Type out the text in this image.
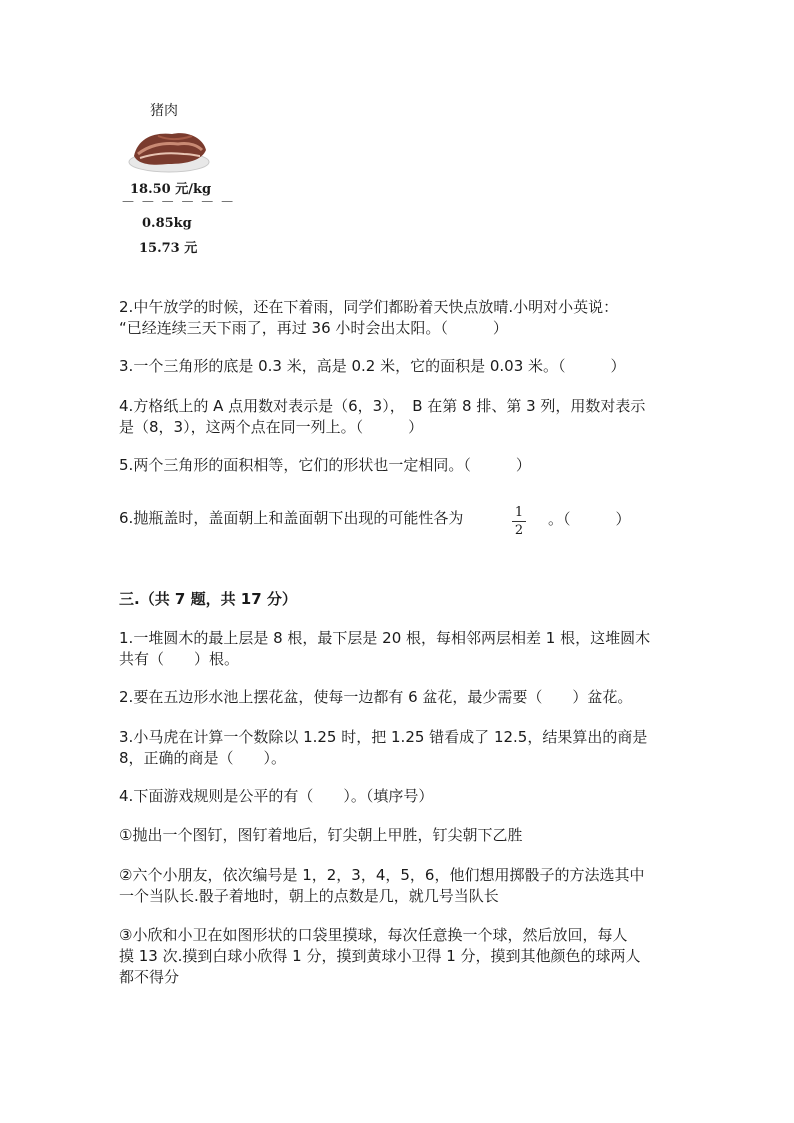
猪肉
18.50 元/kg
— — — — — —
0.85kg
15.73 元
2.中午放学的时候，还在下着雨，同学们都盼着天快点放晴.小明对小英说：
“已经连续三天下雨了，再过 36 小时会出太阳。（　　　）
3.一个三角形的底是 0.3 米，高是 0.2 米，它的面积是 0.03 米。（　　　）
4.方格纸上的 A 点用数对表示是（6，3），　B 在第 8 排、第 3 列，用数对表示
是（8，3），这两个点在同一列上。（　　　）
5.两个三角形的面积相等，它们的形状也一定相同。（　　　）
6.抛瓶盖时，盖面朝上和盖面朝下出现的可能性各为	1
2
。（　　　）
三.（共 7 题，共 17 分）
1.一堆圆木的最上层是 8 根，最下层是 20 根，每相邻两层相差 1 根，这堆圆木
共有（　　）根。
2.要在五边形水池上摆花盆，使每一边都有 6 盆花，最少需要（　　）盆花。
3.小马虎在计算一个数除以 1.25 时，把 1.25 错看成了 12.5，结果算出的商是
8，正确的商是（　　）。
4.下面游戏规则是公平的有（　　）。（填序号）
①抛出一个图钉，图钉着地后，钉尖朝上甲胜，钉尖朝下乙胜
②六个小朋友，依次编号是 1，2，3，4，5，6，他们想用掷骰子的方法选其中
一个当队长.骰子着地时，朝上的点数是几，就几号当队长
③小欣和小卫在如图形状的口袋里摸球，每次任意换一个球，然后放回，每人
摸 13 次.摸到白球小欣得 1 分，摸到黄球小卫得 1 分，摸到其他颜色的球两人
都不得分
